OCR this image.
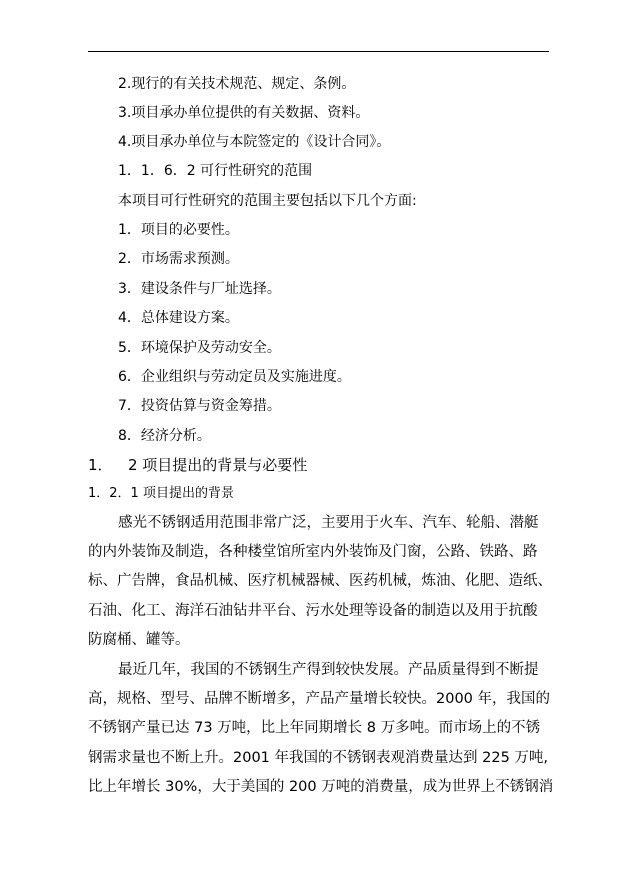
2.现行的有关技术规范、规定、条例。
3.项目承办单位提供的有关数据、资料。
4.项目承办单位与本院签定的《设计合同》。
1．1．6．2 可行性研究的范围
本项目可行性研究的范围主要包括以下几个方面:
1．项目的必要性。
2．市场需求预测。
3．建设条件与厂址选择。
4．总体建设方案。
5．环境保护及劳动安全。
6．企业组织与劳动定员及实施进度。
7．投资估算与资金筹措。
8．经济分析。
1． 2 项目提出的背景与必要性
1．2．1 项目提出的背景
感光不锈钢适用范围非常广泛，主要用于火车、汽车、轮船、潜艇
的内外装饰及制造，各种楼堂馆所室内外装饰及门窗，公路、铁路、路
标、广告牌，食品机械、医疗机械器械、医药机械，炼油、化肥、造纸、
石油、化工、海洋石油钻井平台、污水处理等设备的制造以及用于抗酸
防腐桶、罐等。
最近几年，我国的不锈钢生产得到较快发展。产品质量得到不断提
高，规格、型号、品牌不断增多，产品产量增长较快。2000 年，我国的
不锈钢产量已达 73 万吨，比上年同期增长 8 万多吨。而市场上的不锈
钢需求量也不断上升。2001 年我国的不锈钢表观消费量达到 225 万吨,
比上年增长 30%，大于美国的 200 万吨的消费量，成为世界上不锈钢消
